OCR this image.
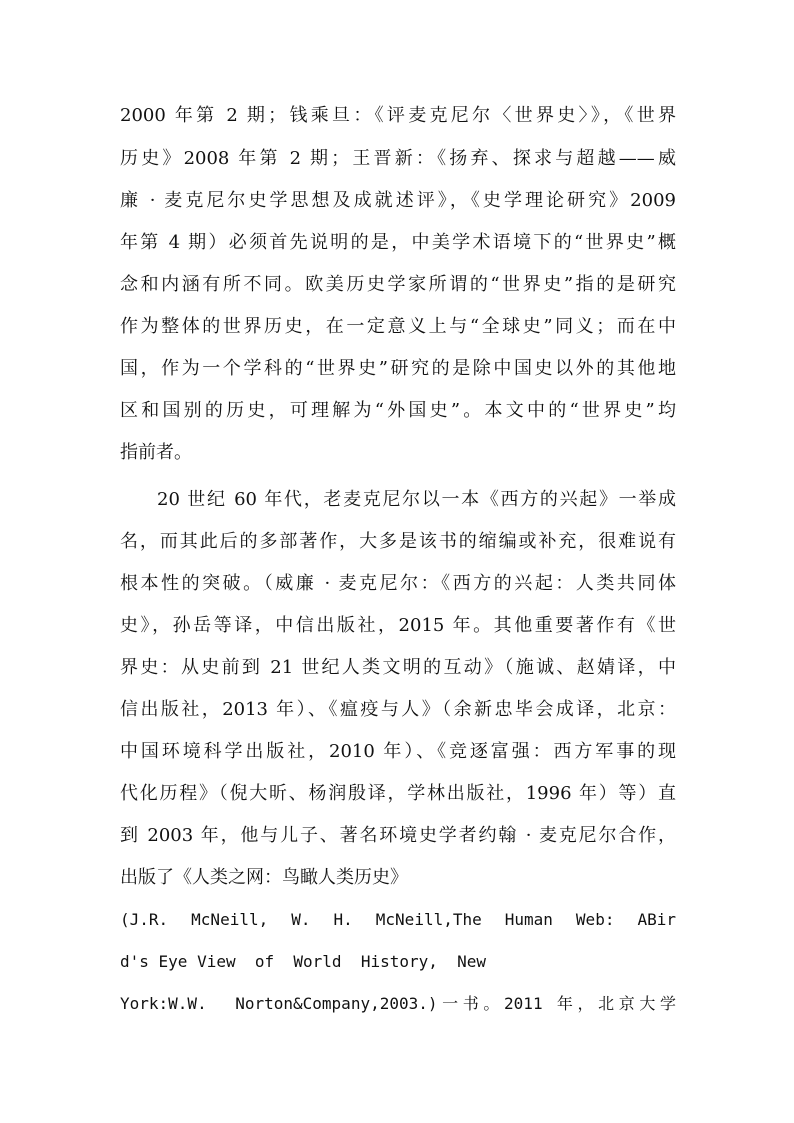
2000 年第 2 期；钱乘旦：《评麦克尼尔〈世界史〉》，《世界
历史》2008 年第 2 期；王晋新：《扬弃、探求与超越——威
廉 · 麦克尼尔史学思想及成就述评》，《史学理论研究》2009
年第 4 期）必须首先说明的是，中美学术语境下的“世界史”概
念和内涵有所不同。欧美历史学家所谓的“世界史”指的是研究
作为整体的世界历史，在一定意义上与“全球史”同义；而在中
国，作为一个学科的“世界史”研究的是除中国史以外的其他地
区和国别的历史，可理解为“外国史”。本文中的“世界史”均
指前者。
20 世纪 60 年代，老麦克尼尔以一本《西方的兴起》一举成
名，而其此后的多部著作，大多是该书的缩编或补充，很难说有
根本性的突破。（威廉 · 麦克尼尔：《西方的兴起：人类共同体
史》，孙岳等译，中信出版社，2015 年。其他重要著作有《世
界史：从史前到 21 世纪人类文明的互动》（施诚、赵婧译，中
信出版社，2013 年）、《瘟疫与人》（余新忠毕会成译，北京：
中国环境科学出版社，2010 年）、《竞逐富强：西方军事的现
代化历程》（倪大昕、杨润殷译，学林出版社，1996 年）等）直
到 2003 年，他与儿子、著名环境史学者约翰 · 麦克尼尔合作，
出版了《人类之网：鸟瞰人类历史》
(J.R.  McNeill,  W.  H.  McNeill,The  Human  Web:  ABir
d's Eye View  of  World  History,  New
York:W.W.  Norton&Company,2003.)一书。2011 年，北京大学
